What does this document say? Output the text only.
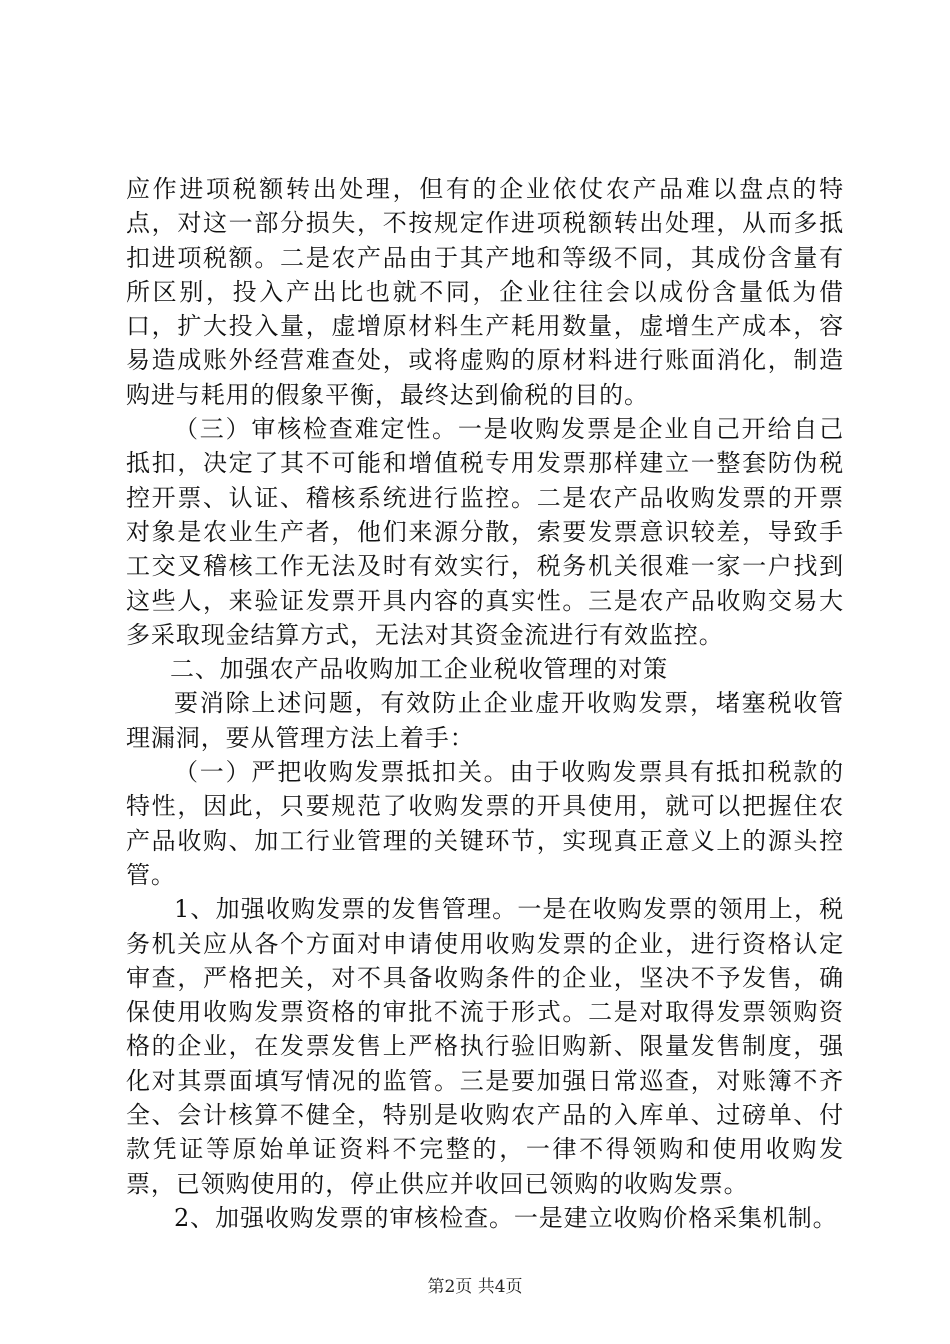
应作进项税额转出处理，但有的企业依仗农产品难以盘点的特点，对这一部分损失，不按规定作进项税额转出处理，从而多抵扣进项税额。二是农产品由于其产地和等级不同，其成份含量有所区别，投入产出比也就不同，企业往往会以成份含量低为借口，扩大投入量，虚增原材料生产耗用数量，虚增生产成本，容易造成账外经营难查处，或将虚购的原材料进行账面消化，制造购进与耗用的假象平衡，最终达到偷税的目的。

（三）审核检查难定性。一是收购发票是企业自己开给自己抵扣，决定了其不可能和增值税专用发票那样建立一整套防伪税控开票、认证、稽核系统进行监控。二是农产品收购发票的开票对象是农业生产者，他们来源分散，索要发票意识较差，导致手工交叉稽核工作无法及时有效实行，税务机关很难一家一户找到这些人，来验证发票开具内容的真实性。三是农产品收购交易大多采取现金结算方式，无法对其资金流进行有效监控。

二、加强农产品收购加工企业税收管理的对策

要消除上述问题，有效防止企业虚开收购发票，堵塞税收管理漏洞，要从管理方法上着手：

（一）严把收购发票抵扣关。由于收购发票具有抵扣税款的特性，因此，只要规范了收购发票的开具使用，就可以把握住农产品收购、加工行业管理的关键环节，实现真正意义上的源头控管。

1、加强收购发票的发售管理。一是在收购发票的领用上，税务机关应从各个方面对申请使用收购发票的企业，进行资格认定审查，严格把关，对不具备收购条件的企业，坚决不予发售，确保使用收购发票资格的审批不流于形式。二是对取得发票领购资格的企业，在发票发售上严格执行验旧购新、限量发售制度，强化对其票面填写情况的监管。三是要加强日常巡查，对账簿不齐全、会计核算不健全，特别是收购农产品的入库单、过磅单、付款凭证等原始单证资料不完整的，一律不得领购和使用收购发票，已领购使用的，停止供应并收回已领购的收购发票。

2、加强收购发票的审核检查。一是建立收购价格采集机制。

第2页 共4页
